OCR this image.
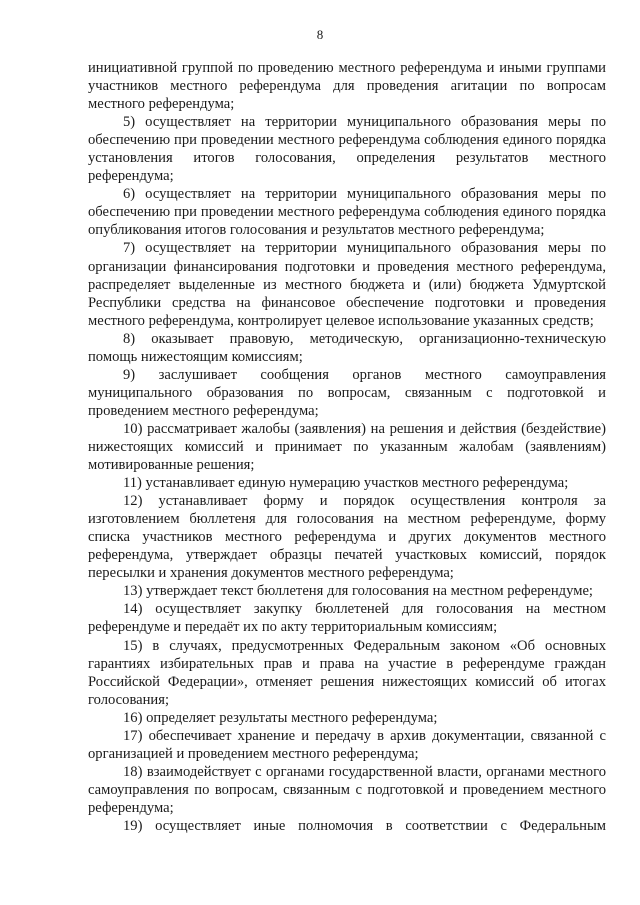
8

инициативной группой по проведению местного референдума и иными группами участников местного референдума для проведения агитации по вопросам местного референдума;

5) осуществляет на территории муниципального образования меры по обеспечению при проведении местного референдума соблюдения единого порядка установления итогов голосования, определения результатов местного референдума;

6) осуществляет на территории муниципального образования меры по обеспечению при проведении местного референдума соблюдения единого порядка опубликования итогов голосования и результатов местного референдума;

7) осуществляет на территории муниципального образования меры по организации финансирования подготовки и проведения местного референдума, распределяет выделенные из местного бюджета и (или) бюджета Удмуртской Республики средства на финансовое обеспечение подготовки и проведения местного референдума, контролирует целевое использование указанных средств;

8) оказывает правовую, методическую, организационно-техническую помощь нижестоящим комиссиям;

9) заслушивает сообщения органов местного самоуправления муниципального образования по вопросам, связанным с подготовкой и проведением местного референдума;

10) рассматривает жалобы (заявления) на решения и действия (бездействие) нижестоящих комиссий и принимает по указанным жалобам (заявлениям) мотивированные решения;

11) устанавливает единую нумерацию участков местного референдума;

12) устанавливает форму и порядок осуществления контроля за изготовлением бюллетеня для голосования на местном референдуме, форму списка участников местного референдума и других документов местного референдума, утверждает образцы печатей участковых комиссий, порядок пересылки и хранения документов местного референдума;

13) утверждает текст бюллетеня для голосования на местном референдуме;

14) осуществляет закупку бюллетеней для голосования на местном референдуме и передаёт их по акту территориальным комиссиям;

15) в случаях, предусмотренных Федеральным законом «Об основных гарантиях избирательных прав и права на участие в референдуме граждан Российской Федерации», отменяет решения нижестоящих комиссий об итогах голосования;

16) определяет результаты местного референдума;

17) обеспечивает хранение и передачу в архив документации, связанной с организацией и проведением местного референдума;

18) взаимодействует с органами государственной власти, органами местного самоуправления по вопросам, связанным с подготовкой и проведением местного референдума;

19) осуществляет иные полномочия в соответствии с Федеральным
